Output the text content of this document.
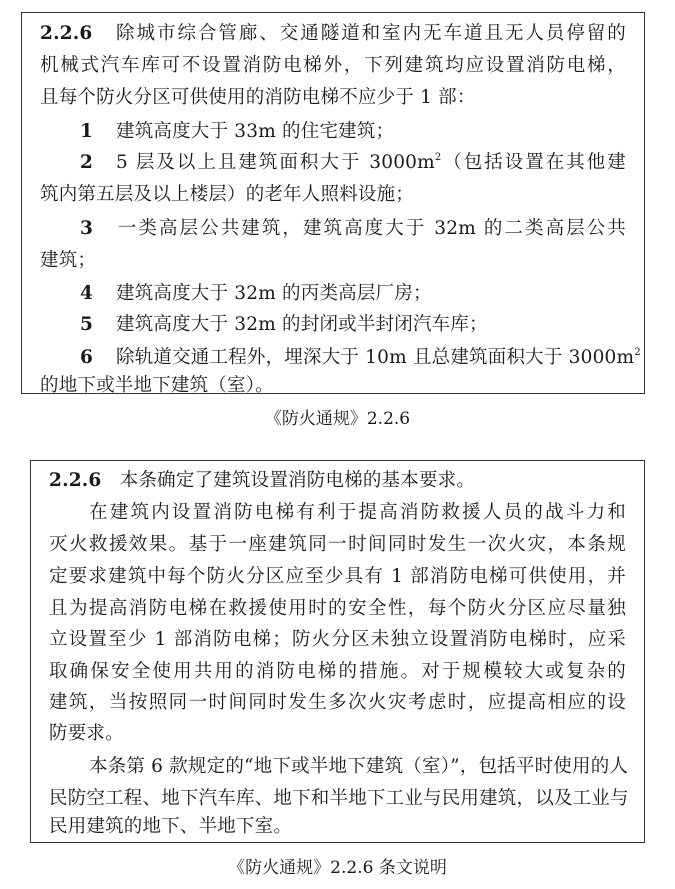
2.2.6 除城市综合管廊、交通隧道和室内无车道且无人员停留的
机械式汽车库可不设置消防电梯外，下列建筑均应设置消防电梯，
且每个防火分区可供使用的消防电梯不应少于 1 部：
1 建筑高度大于 33m 的住宅建筑；
2 5 层及以上且建筑面积大于 $3000m^2$（包括设置在其他建
筑内第五层及以上楼层）的老年人照料设施；
3 一类高层公共建筑，建筑高度大于 32m 的二类高层公共
建筑；
4 建筑高度大于 32m 的丙类高层厂房；
5 建筑高度大于 32m 的封闭或半封闭汽车库；
6 除轨道交通工程外，埋深大于 10m 且总建筑面积大于 $3000m^2$
的地下或半地下建筑（室）。
《防火通规》2.2.6
2.2.6 本条确定了建筑设置消防电梯的基本要求。
在建筑内设置消防电梯有利于提高消防救援人员的战斗力和
灭火救援效果。基于一座建筑同一时间同时发生一次火灾，本条规
定要求建筑中每个防火分区应至少具有 1 部消防电梯可供使用，并
且为提高消防电梯在救援使用时的安全性，每个防火分区应尽量独
立设置至少 1 部消防电梯；防火分区未独立设置消防电梯时，应采
取确保安全使用共用的消防电梯的措施。对于规模较大或复杂的
建筑，当按照同一时间同时发生多次火灾考虑时，应提高相应的设
防要求。
本条第 6 款规定的“地下或半地下建筑（室）”，包括平时使用的人
民防空工程、地下汽车库、地下和半地下工业与民用建筑，以及工业与
民用建筑的地下、半地下室。
《防火通规》2.2.6 条文说明
